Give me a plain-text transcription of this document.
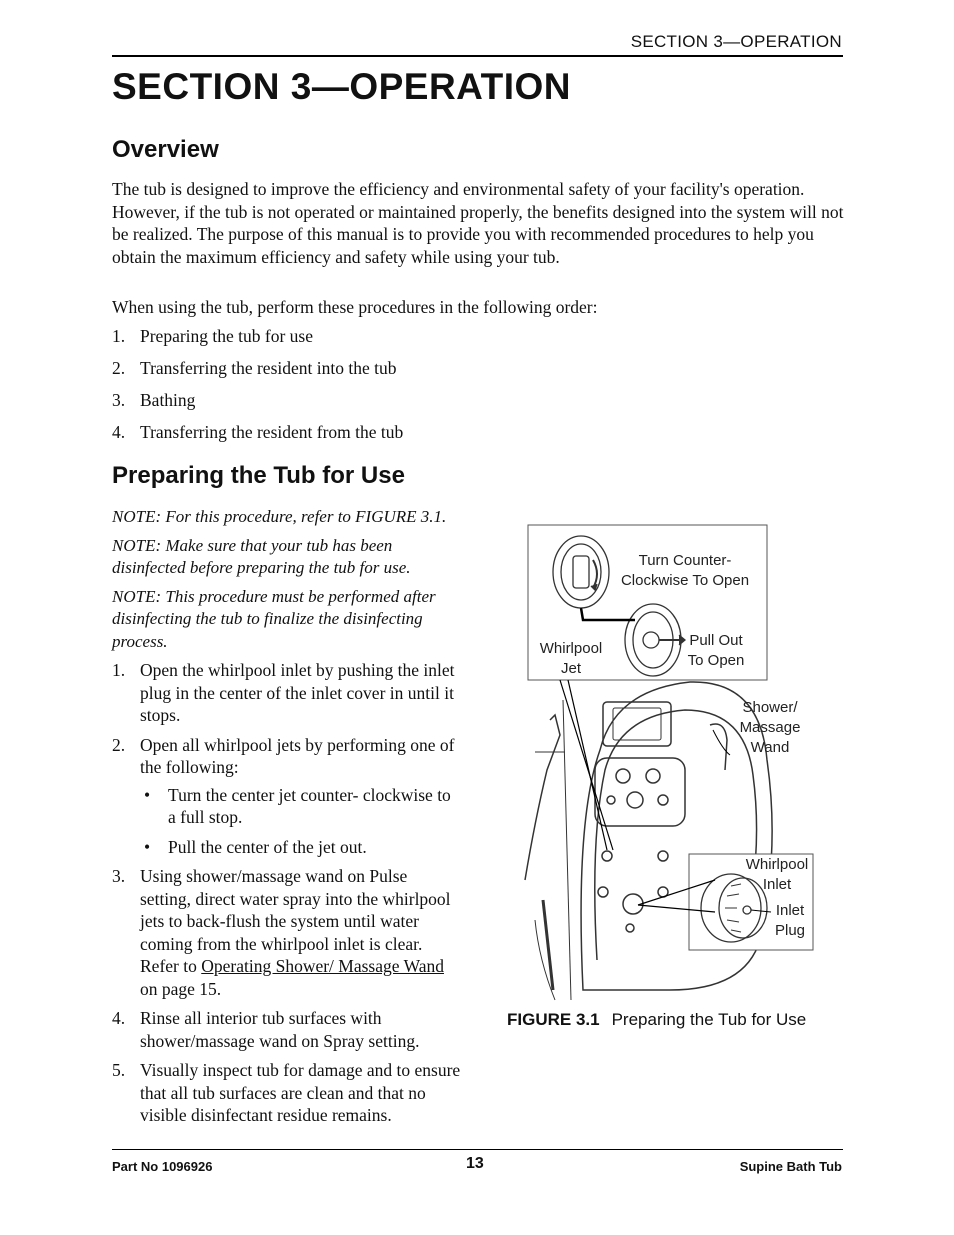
SECTION 3—OPERATION
SECTION 3—OPERATION
Overview

The tub is designed to improve the efficiency and environmental safety of your facility's operation. However, if the tub is not operated or maintained properly, the benefits designed into the system will not be realized. The purpose of this manual is to provide you with recommended procedures to help you obtain the maximum efficiency and safety while using your tub.

When using the tub, perform these procedures in the following order:

1. Preparing the tub for use
2. Transferring the resident into the tub
3. Bathing
4. Transferring the resident from the tub
Preparing the Tub for Use

NOTE: For this procedure, refer to FIGURE 3.1.

NOTE: Make sure that your tub has been disinfected before preparing the tub for use.

NOTE: This procedure must be performed after disinfecting the tub to finalize the disinfecting process.

1. Open the whirlpool inlet by pushing the inlet plug in the center of the inlet cover in until it stops.
2. Open all whirlpool jets by performing one of the following:
• Turn the center jet counter- clockwise to a full stop.
• Pull the center of the jet out.
3. Using shower/massage wand on Pulse setting, direct water spray into the whirlpool jets to back-flush the system until water coming from the whirlpool inlet is clear. Refer to Operating Shower/ Massage Wand on page 15.
4. Rinse all interior tub surfaces with shower/massage wand on Spray setting.
5. Visually inspect tub for damage and to ensure that all tub surfaces are clean and that no visible disinfectant residue remains.
Turn Counter-
Clockwise To Open
Pull Out
To Open
Whirlpool
Jet
Shower/
Massage
Wand
Whirlpool
Inlet
Inlet
Plug
FIGURE 3.1 Preparing the Tub for Use
Part No 1096926	13	Supine Bath Tub
